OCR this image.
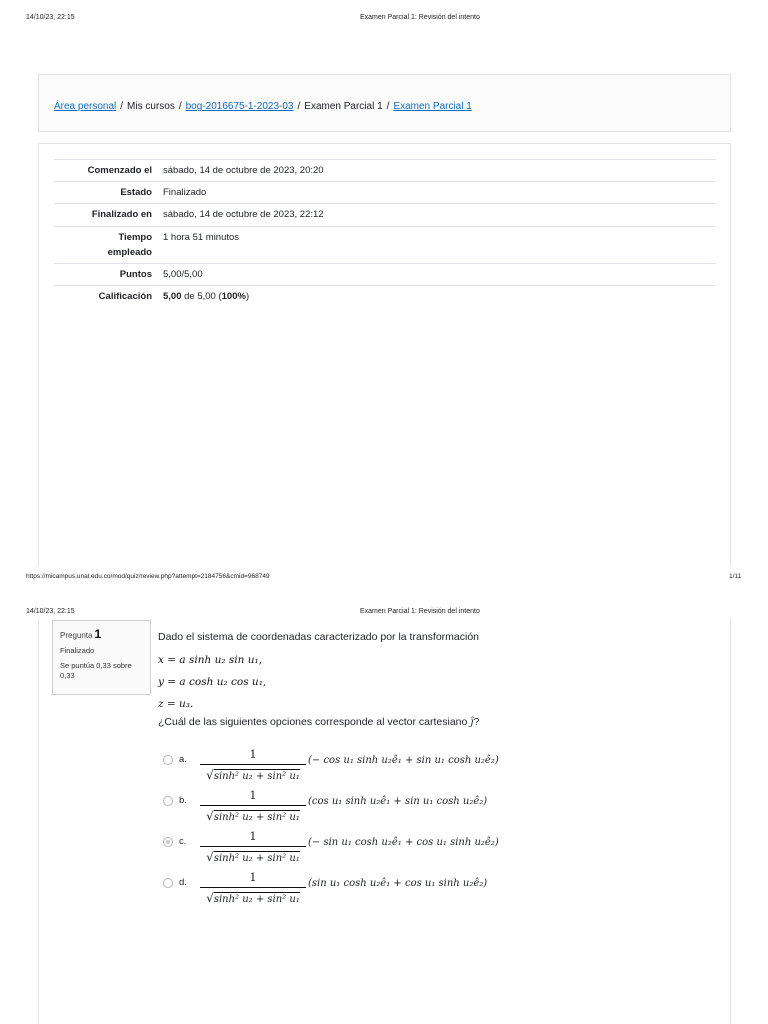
14/10/23, 22:15	Examen Parcial 1: Revisión del intento
Área personal / Mis cursos / bog-2016675-1-2023-03 / Examen Parcial 1 / Examen Parcial 1
Comenzado el	sábado, 14 de octubre de 2023, 20:20
Estado	Finalizado
Finalizado en	sábado, 14 de octubre de 2023, 22:12
Tiempo empleado	1 hora 51 minutos
Puntos	5,00/5,00
Calificación	5,00 de 5,00 (100%)
https://micampus.unal.edu.co/mod/quiz/review.php?attempt=2184756&cmid=968749	1/11
14/10/23, 22:15	Examen Parcial 1: Revisión del intento
Pregunta 1
Finalizado
Se puntúa 0,33 sobre 0,33
Dado el sistema de coordenadas caracterizado por la transformación
x = a sinh u₂ sin u₁,
y = a cosh u₂ cos u₁,
z = u₃.
¿Cuál de las siguientes opciones corresponde al vector cartesiano ĵ?
a.	1
√sinh² u₂ + sin² u₁
(− cos u₁ sinh u₂ê₁ + sin u₁ cosh u₂ê₂)
b.	1
√sinh² u₂ + sin² u₁
(cos u₁ sinh u₂ê₁ + sin u₁ cosh u₂ê₂)
c.	1
√sinh² u₂ + sin² u₁
(− sin u₁ cosh u₂ê₁ + cos u₁ sinh u₂ê₂)
d.	1
√sinh² u₂ + sin² u₁
(sin u₁ cosh u₂ê₁ + cos u₁ sinh u₂ê₂)
